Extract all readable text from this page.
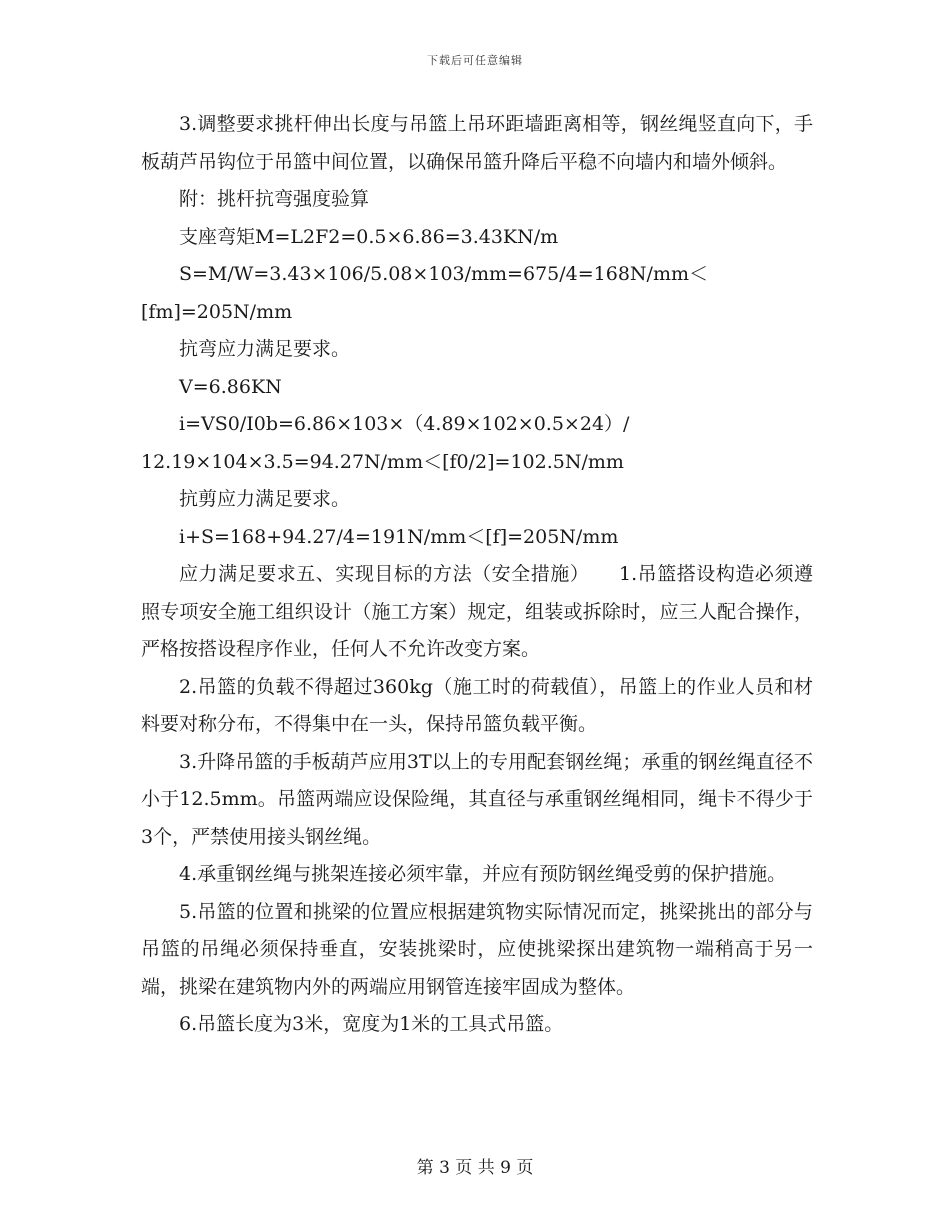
下载后可任意编辑

3.调整要求挑杆伸出长度与吊篮上吊环距墙距离相等，钢丝绳竖直向下，手板葫芦吊钩位于吊篮中间位置，以确保吊篮升降后平稳不向墙内和墙外倾斜。

附：挑杆抗弯强度验算

支座弯矩M=L2F2=0.5×6.86=3.43KN/m

S=M/W=3.43×106/5.08×103/mm=675/4=168N/mm＜[fm]=205N/mm

抗弯应力满足要求。

V=6.86KN

i=VS0/I0b=6.86×103×（4.89×102×0.5×24）/

12.19×104×3.5=94.27N/mm＜[f0/2]=102.5N/mm

抗剪应力满足要求。

i+S=168+94.27/4=191N/mm＜[f]=205N/mm

应力满足要求五、实现目标的方法（安全措施）　　1.吊篮搭设构造必须遵照专项安全施工组织设计（施工方案）规定，组装或拆除时，应三人配合操作，严格按搭设程序作业，任何人不允许改变方案。

2.吊篮的负载不得超过360kg（施工时的荷载值），吊篮上的作业人员和材料要对称分布，不得集中在一头，保持吊篮负载平衡。

3.升降吊篮的手板葫芦应用3T以上的专用配套钢丝绳；承重的钢丝绳直径不小于12.5mm。吊篮两端应设保险绳，其直径与承重钢丝绳相同，绳卡不得少于3个，严禁使用接头钢丝绳。

4.承重钢丝绳与挑架连接必须牢靠，并应有预防钢丝绳受剪的保护措施。

5.吊篮的位置和挑梁的位置应根据建筑物实际情况而定，挑梁挑出的部分与吊篮的吊绳必须保持垂直，安装挑梁时，应使挑梁探出建筑物一端稍高于另一端，挑梁在建筑物内外的两端应用钢管连接牢固成为整体。

6.吊篮长度为3米，宽度为1米的工具式吊篮。

第 3 页 共 9 页
